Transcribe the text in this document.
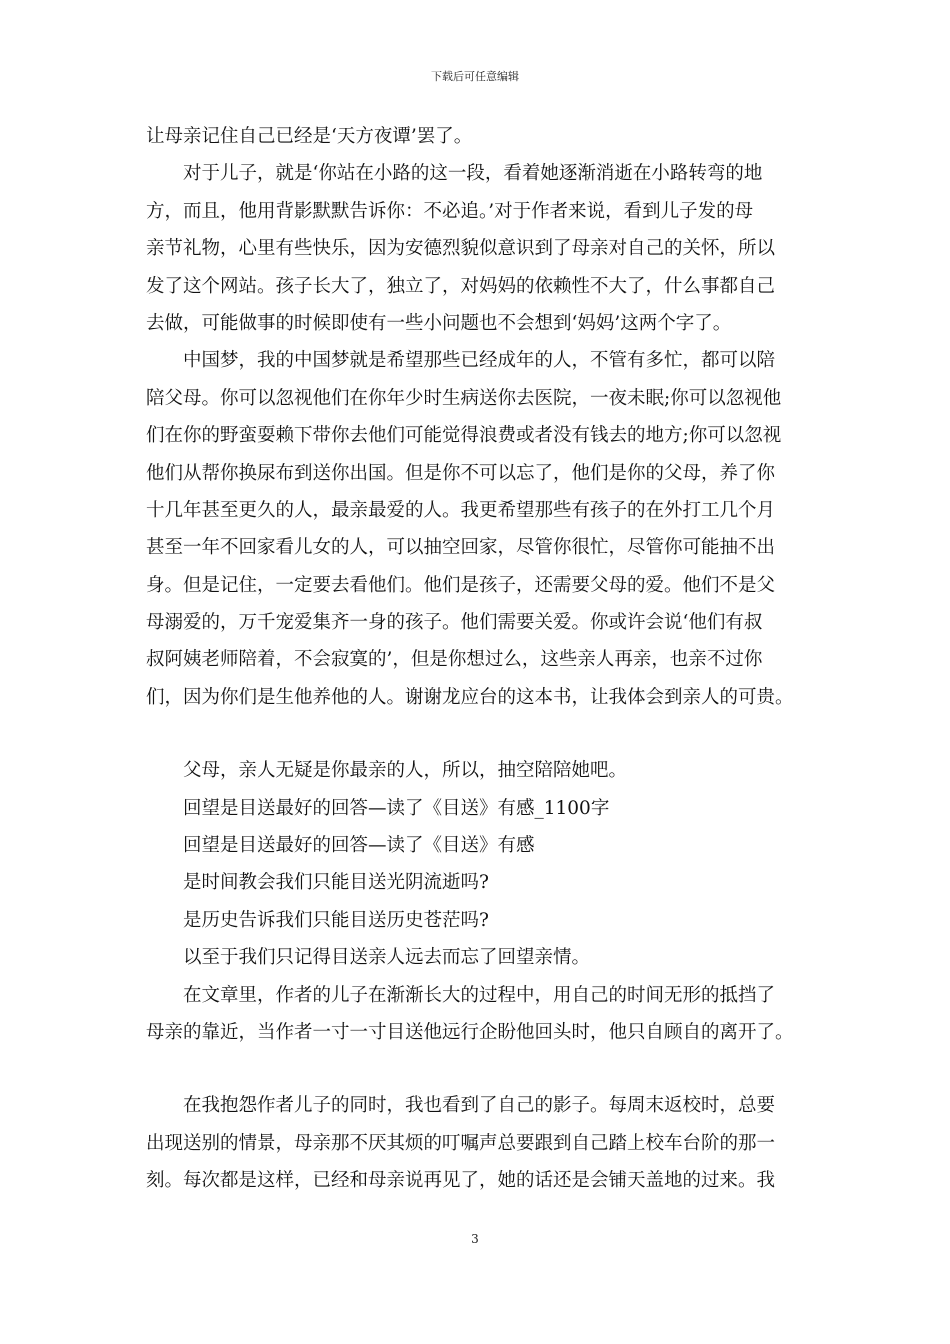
下载后可任意编辑
让母亲记住自己已经是‘天方夜谭’罢了。
对于儿子，就是‘你站在小路的这一段，看着她逐渐消逝在小路转弯的地
方，而且，他用背影默默告诉你：不必追。’对于作者来说，看到儿子发的母
亲节礼物，心里有些快乐，因为安德烈貌似意识到了母亲对自己的关怀，所以
发了这个网站。孩子长大了，独立了，对妈妈的依赖性不大了，什么事都自己
去做，可能做事的时候即使有一些小问题也不会想到‘妈妈’这两个字了。
中国梦，我的中国梦就是希望那些已经成年的人，不管有多忙，都可以陪
陪父母。你可以忽视他们在你年少时生病送你去医院，一夜未眠;你可以忽视他
们在你的野蛮耍赖下带你去他们可能觉得浪费或者没有钱去的地方;你可以忽视
他们从帮你换尿布到送你出国。但是你不可以忘了，他们是你的父母，养了你
十几年甚至更久的人，最亲最爱的人。我更希望那些有孩子的在外打工几个月
甚至一年不回家看儿女的人，可以抽空回家，尽管你很忙，尽管你可能抽不出
身。但是记住，一定要去看他们。他们是孩子，还需要父母的爱。他们不是父
母溺爱的，万千宠爱集齐一身的孩子。他们需要关爱。你或许会说‘他们有叔
叔阿姨老师陪着，不会寂寞的’，但是你想过么，这些亲人再亲，也亲不过你
们，因为你们是生他养他的人。谢谢龙应台的这本书，让我体会到亲人的可贵。
父母，亲人无疑是你最亲的人，所以，抽空陪陪她吧。
回望是目送最好的回答—读了《目送》有感_1100字
回望是目送最好的回答—读了《目送》有感
是时间教会我们只能目送光阴流逝吗?
是历史告诉我们只能目送历史苍茫吗?
以至于我们只记得目送亲人远去而忘了回望亲情。
在文章里，作者的儿子在渐渐长大的过程中，用自己的时间无形的抵挡了
母亲的靠近，当作者一寸一寸目送他远行企盼他回头时，他只自顾自的离开了。
在我抱怨作者儿子的同时，我也看到了自己的影子。每周末返校时，总要
出现送别的情景，母亲那不厌其烦的叮嘱声总要跟到自己踏上校车台阶的那一
刻。每次都是这样，已经和母亲说再见了，她的话还是会铺天盖地的过来。我
3
